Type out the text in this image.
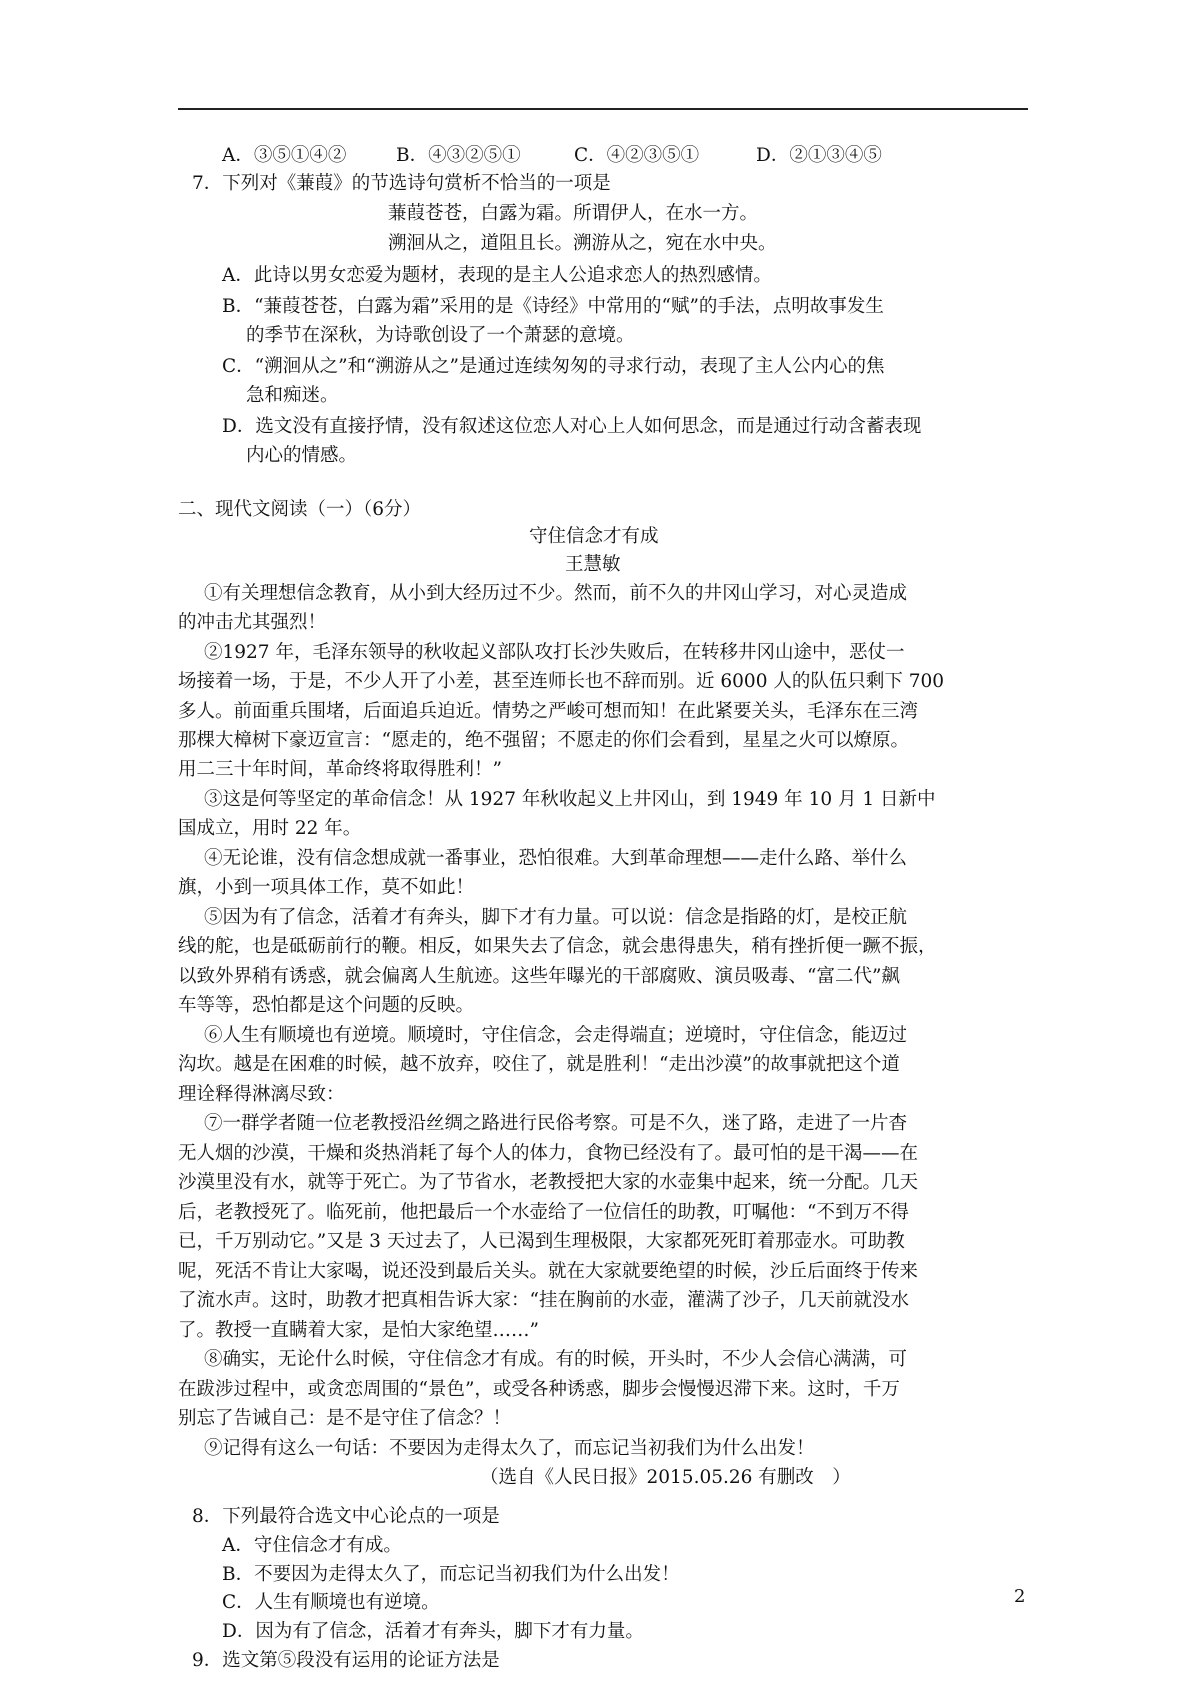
A．③⑤①④②	B．④③②⑤①	C．④②③⑤①	D．②①③④⑤
7．下列对《蒹葭》的节选诗句赏析不恰当的一项是
蒹葭苍苍，白露为霜。所谓伊人，在水一方。
溯洄从之，道阻且长。溯游从之，宛在水中央。
A．此诗以男女恋爱为题材，表现的是主人公追求恋人的热烈感情。
B．“蒹葭苍苍，白露为霜”采用的是《诗经》中常用的“赋”的手法，点明故事发生
的季节在深秋，为诗歌创设了一个萧瑟的意境。
C．“溯洄从之”和“溯游从之”是通过连续匆匆的寻求行动，表现了主人公内心的焦
急和痴迷。
D．选文没有直接抒情，没有叙述这位恋人对心上人如何思念，而是通过行动含蓄表现
内心的情感。
二、现代文阅读（一）（6分）
守住信念才有成
王慧敏
①有关理想信念教育，从小到大经历过不少。然而，前不久的井冈山学习，对心灵造成
的冲击尤其强烈！
②1927 年，毛泽东领导的秋收起义部队攻打长沙失败后，在转移井冈山途中，恶仗一
场接着一场，于是，不少人开了小差，甚至连师长也不辞而别。近 6000 人的队伍只剩下 700
多人。前面重兵围堵，后面追兵迫近。情势之严峻可想而知！在此紧要关头，毛泽东在三湾
那棵大樟树下豪迈宣言：“愿走的，绝不强留；不愿走的你们会看到，星星之火可以燎原。
用二三十年时间，革命终将取得胜利！”
③这是何等坚定的革命信念！从 1927 年秋收起义上井冈山，到 1949 年 10 月 1 日新中
国成立，用时 22 年。
④无论谁，没有信念想成就一番事业，恐怕很难。大到革命理想——走什么路、举什么
旗，小到一项具体工作，莫不如此！
⑤因为有了信念，活着才有奔头，脚下才有力量。可以说：信念是指路的灯，是校正航
线的舵，也是砥砺前行的鞭。相反，如果失去了信念，就会患得患失，稍有挫折便一蹶不振，
以致外界稍有诱惑，就会偏离人生航迹。这些年曝光的干部腐败、演员吸毒、“富二代”飙
车等等，恐怕都是这个问题的反映。
⑥人生有顺境也有逆境。顺境时，守住信念，会走得端直；逆境时，守住信念，能迈过
沟坎。越是在困难的时候，越不放弃，咬住了，就是胜利！“走出沙漠”的故事就把这个道
理诠释得淋漓尽致：
⑦一群学者随一位老教授沿丝绸之路进行民俗考察。可是不久，迷了路，走进了一片杳
无人烟的沙漠，干燥和炎热消耗了每个人的体力，食物已经没有了。最可怕的是干渴——在
沙漠里没有水，就等于死亡。为了节省水，老教授把大家的水壶集中起来，统一分配。几天
后，老教授死了。临死前，他把最后一个水壶给了一位信任的助教，叮嘱他：“不到万不得
已，千万别动它。”又是 3 天过去了，人已渴到生理极限，大家都死死盯着那壶水。可助教
呢，死活不肯让大家喝，说还没到最后关头。就在大家就要绝望的时候，沙丘后面终于传来
了流水声。这时，助教才把真相告诉大家：“挂在胸前的水壶，灌满了沙子，几天前就没水
了。教授一直瞒着大家，是怕大家绝望……”
⑧确实，无论什么时候，守住信念才有成。有的时候，开头时，不少人会信心满满，可
在跋涉过程中，或贪恋周围的“景色”，或受各种诱惑，脚步会慢慢迟滞下来。这时，千万
别忘了告诫自己：是不是守住了信念？！
⑨记得有这么一句话：不要因为走得太久了，而忘记当初我们为什么出发！
（选自《人民日报》2015.05.26 有删改　）
8．下列最符合选文中心论点的一项是
A．守住信念才有成。
B．不要因为走得太久了，而忘记当初我们为什么出发！
C．人生有顺境也有逆境。
D．因为有了信念，活着才有奔头，脚下才有力量。
9．选文第⑤段没有运用的论证方法是
2
